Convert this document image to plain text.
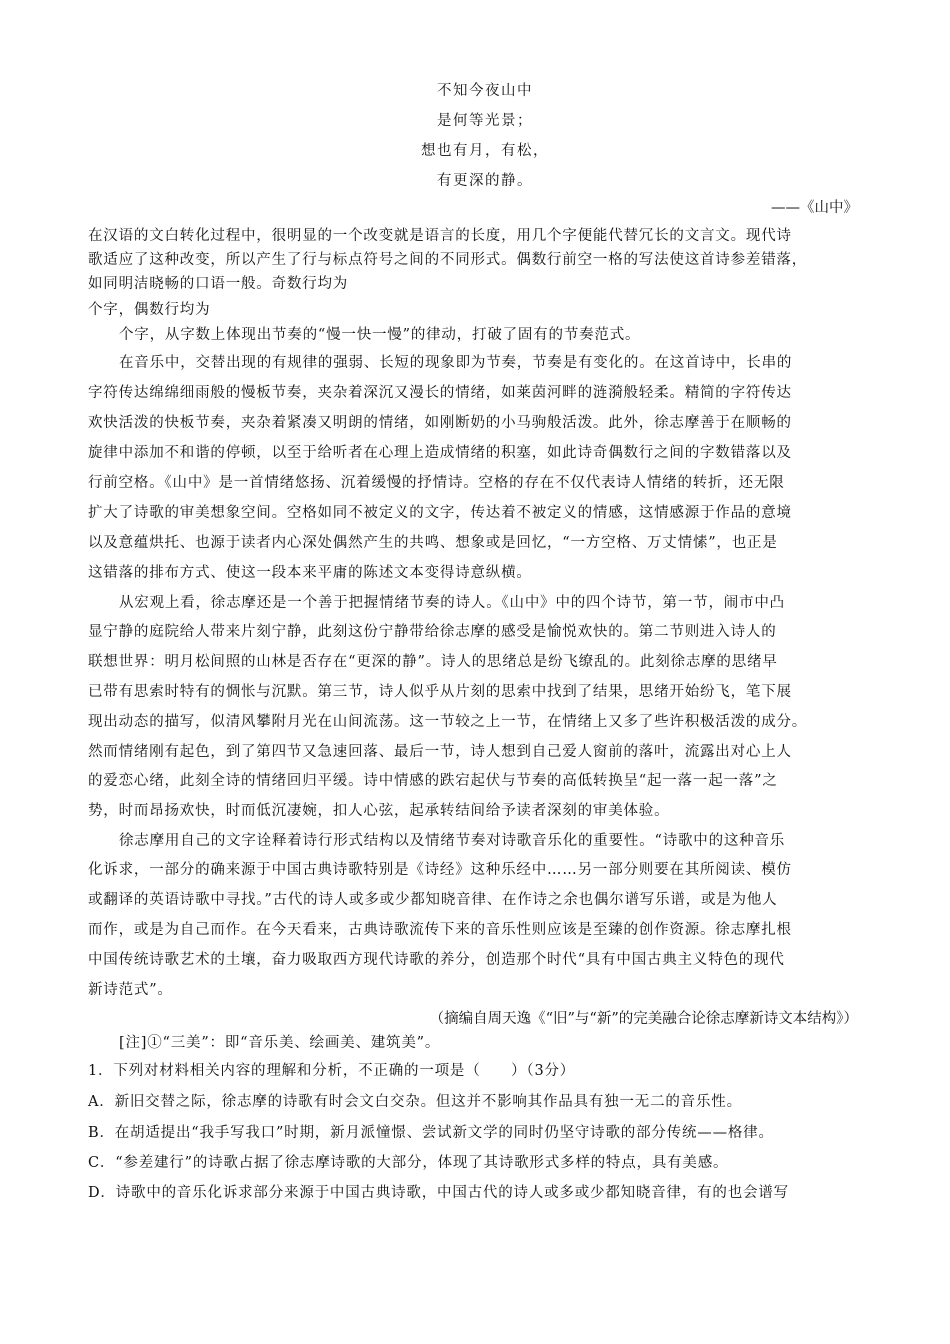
不知今夜山中
是何等光景；
想也有月，有松，
有更深的静。
——《山中》
在汉语的文白转化过程中，很明显的一个改变就是语言的长度，用几个字便能代替冗长的文言文。现代诗
歌适应了这种改变，所以产生了行与标点符号之间的不同形式。偶数行前空一格的写法使这首诗参差错落，
如同明洁晓畅的口语一般。奇数行均为
个字，偶数行均为
个字，从字数上体现出节奏的“慢一快一慢”的律动，打破了固有的节奏范式。
在音乐中，交替出现的有规律的强弱、长短的现象即为节奏，节奏是有变化的。在这首诗中，长串的
字符传达绵绵细雨般的慢板节奏，夹杂着深沉又漫长的情绪，如莱茵河畔的涟漪般轻柔。精简的字符传达
欢快活泼的快板节奏，夹杂着紧凑又明朗的情绪，如刚断奶的小马驹般活泼。此外，徐志摩善于在顺畅的
旋律中添加不和谐的停顿，以至于给听者在心理上造成情绪的积塞，如此诗奇偶数行之间的字数错落以及
行前空格。《山中》是一首情绪悠扬、沉着缓慢的抒情诗。空格的存在不仅代表诗人情绪的转折，还无限
扩大了诗歌的审美想象空间。空格如同不被定义的文字，传达着不被定义的情感，这情感源于作品的意境
以及意蕴烘托、也源于读者内心深处偶然产生的共鸣、想象或是回忆，“一方空格、万丈情愫”，也正是
这错落的排布方式、使这一段本来平庸的陈述文本变得诗意纵横。
从宏观上看，徐志摩还是一个善于把握情绪节奏的诗人。《山中》中的四个诗节，第一节，闹市中凸
显宁静的庭院给人带来片刻宁静，此刻这份宁静带给徐志摩的感受是愉悦欢快的。第二节则进入诗人的
联想世界：明月松间照的山林是否存在“更深的静”。诗人的思绪总是纷飞缭乱的。此刻徐志摩的思绪早
已带有思索时特有的惆怅与沉默。第三节，诗人似乎从片刻的思索中找到了结果，思绪开始纷飞，笔下展
现出动态的描写，似清风攀附月光在山间流荡。这一节较之上一节，在情绪上又多了些许积极活泼的成分。
然而情绪刚有起色，到了第四节又急速回落、最后一节，诗人想到自己爱人窗前的落叶，流露出对心上人
的爱恋心绪，此刻全诗的情绪回归平缓。诗中情感的跌宕起伏与节奏的高低转换呈“起一落一起一落”之
势，时而昂扬欢快，时而低沉凄婉，扣人心弦，起承转结间给予读者深刻的审美体验。
徐志摩用自己的文字诠释着诗行形式结构以及情绪节奏对诗歌音乐化的重要性。“诗歌中的这种音乐
化诉求，一部分的确来源于中国古典诗歌特别是《诗经》这种乐经中……另一部分则要在其所阅读、模仿
或翻译的英语诗歌中寻找。”古代的诗人或多或少都知晓音律、在作诗之余也偶尔谱写乐谱，或是为他人
而作，或是为自己而作。在今天看来，古典诗歌流传下来的音乐性则应该是至臻的创作资源。徐志摩扎根
中国传统诗歌艺术的土壤，奋力吸取西方现代诗歌的养分，创造那个时代“具有中国古典主义特色的现代
新诗范式”。
（摘编自周天逸《“旧”与“新”的完美融合论徐志摩新诗文本结构》）
[注]①“三美”：即“音乐美、绘画美、建筑美”。
1．下列对材料相关内容的理解和分析，不正确的一项是（　　）（3分）
A．新旧交替之际，徐志摩的诗歌有时会文白交杂。但这并不影响其作品具有独一无二的音乐性。
B．在胡适提出“我手写我口”时期，新月派憧憬、尝试新文学的同时仍坚守诗歌的部分传统——格律。
C．“参差建行”的诗歌占据了徐志摩诗歌的大部分，体现了其诗歌形式多样的特点，具有美感。
D．诗歌中的音乐化诉求部分来源于中国古典诗歌，中国古代的诗人或多或少都知晓音律，有的也会谱写
